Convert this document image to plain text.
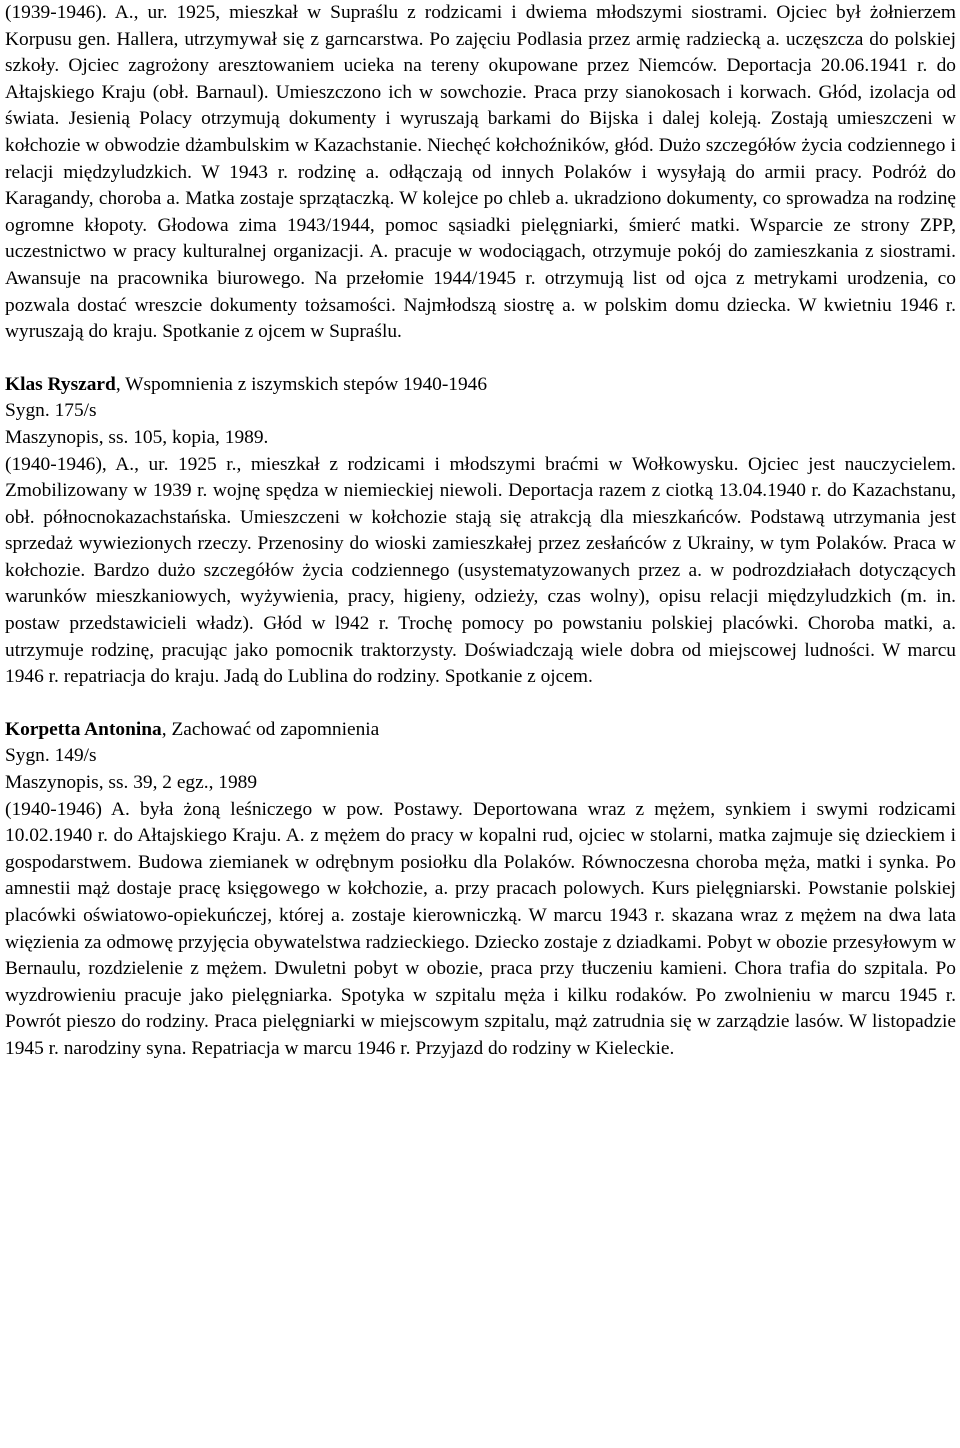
(1939-1946). A., ur. 1925, mieszkał w Supraślu z rodzicami i dwiema młodszymi siostrami. Ojciec był żołnierzem Korpusu gen. Hallera, utrzymywał się z garncarstwa. Po zajęciu Podlasia przez armię radziecką a. uczęszcza do polskiej szkoły. Ojciec zagrożony aresztowaniem ucieka na tereny okupowane przez Niemców. Deportacja 20.06.1941 r. do Ałtajskiego Kraju (obł. Barnaul). Umieszczono ich w sowchozie. Praca przy sianokosach i korwach. Głód, izolacja od świata. Jesienią Polacy otrzymują dokumenty i wyruszają barkami do Bijska i dalej koleją. Zostają umieszczeni w kołchozie w obwodzie dżambulskim w Kazachstanie. Niechęć kołchoźników, głód. Dużo szczegółów życia codziennego i relacji międzyludzkich. W 1943 r. rodzinę a. odłączają od innych Polaków i wysyłają do armii pracy. Podróż do Karagandy, choroba a. Matka zostaje sprzątaczką. W kolejce po chleb a. ukradziono dokumenty, co sprowadza na rodzinę ogromne kłopoty. Głodowa zima 1943/1944, pomoc sąsiadki pielęgniarki, śmierć matki. Wsparcie ze strony ZPP, uczestnictwo w pracy kulturalnej organizacji. A. pracuje w wodociągach, otrzymuje pokój do zamieszkania z siostrami. Awansuje na pracownika biurowego. Na przełomie 1944/1945 r. otrzymują list od ojca z metrykami urodzenia, co pozwala dostać wreszcie dokumenty tożsamości. Najmłodszą siostrę a. w polskim domu dziecka. W kwietniu 1946 r. wyruszają do kraju. Spotkanie z ojcem w Supraślu.

Klas Ryszard, Wspomnienia z iszymskich stepów 1940-1946

Sygn. 175/s

Maszynopis, ss. 105, kopia, 1989.

(1940-1946), A., ur. 1925 r., mieszkał z rodzicami i młodszymi braćmi w Wołkowysku. Ojciec jest nauczycielem. Zmobilizowany w 1939 r. wojnę spędza w niemieckiej niewoli. Deportacja razem z ciotką 13.04.1940 r. do Kazachstanu, obł. północnokazachstańska. Umieszczeni w kołchozie stają się atrakcją dla mieszkańców. Podstawą utrzymania jest sprzedaż wywiezionych rzeczy. Przenosiny do wioski zamieszkałej przez zesłańców z Ukrainy, w tym Polaków. Praca w kołchozie. Bardzo dużo szczegółów życia codziennego (usystematyzowanych przez a. w podrozdziałach dotyczących warunków mieszkaniowych, wyżywienia, pracy, higieny, odzieży, czas wolny), opisu relacji międzyludzkich (m. in. postaw przedstawicieli władz). Głód w l942 r. Trochę pomocy po powstaniu polskiej placówki. Choroba matki, a. utrzymuje rodzinę, pracując jako pomocnik traktorzysty. Doświadczają wiele dobra od miejscowej ludności. W marcu 1946 r. repatriacja do kraju. Jadą do Lublina do rodziny. Spotkanie z ojcem.

Korpetta Antonina, Zachować od zapomnienia

Sygn. 149/s

Maszynopis, ss. 39, 2 egz., 1989

(1940-1946) A. była żoną leśniczego w pow. Postawy. Deportowana wraz z mężem, synkiem i swymi rodzicami 10.02.1940 r. do Ałtajskiego Kraju. A. z mężem do pracy w kopalni rud, ojciec w stolarni, matka zajmuje się dzieckiem i gospodarstwem. Budowa ziemianek w odrębnym posiołku dla Polaków. Równoczesna choroba męża, matki i synka. Po amnestii mąż dostaje pracę księgowego w kołchozie, a. przy pracach polowych. Kurs pielęgniarski. Powstanie polskiej placówki oświatowo-opiekuńczej, której a. zostaje kierowniczką. W marcu 1943 r. skazana wraz z mężem na dwa lata więzienia za odmowę przyjęcia obywatelstwa radzieckiego. Dziecko zostaje z dziadkami. Pobyt w obozie przesyłowym w Bernaulu, rozdzielenie z mężem. Dwuletni pobyt w obozie, praca przy tłuczeniu kamieni. Chora trafia do szpitala. Po wyzdrowieniu pracuje jako pielęgniarka. Spotyka w szpitalu męża i kilku rodaków. Po zwolnieniu w marcu 1945 r. Powrót pieszo do rodziny. Praca pielęgniarki w miejscowym szpitalu, mąż zatrudnia się w zarządzie lasów. W listopadzie 1945 r. narodziny syna. Repatriacja w marcu 1946 r. Przyjazd do rodziny w Kieleckie.
